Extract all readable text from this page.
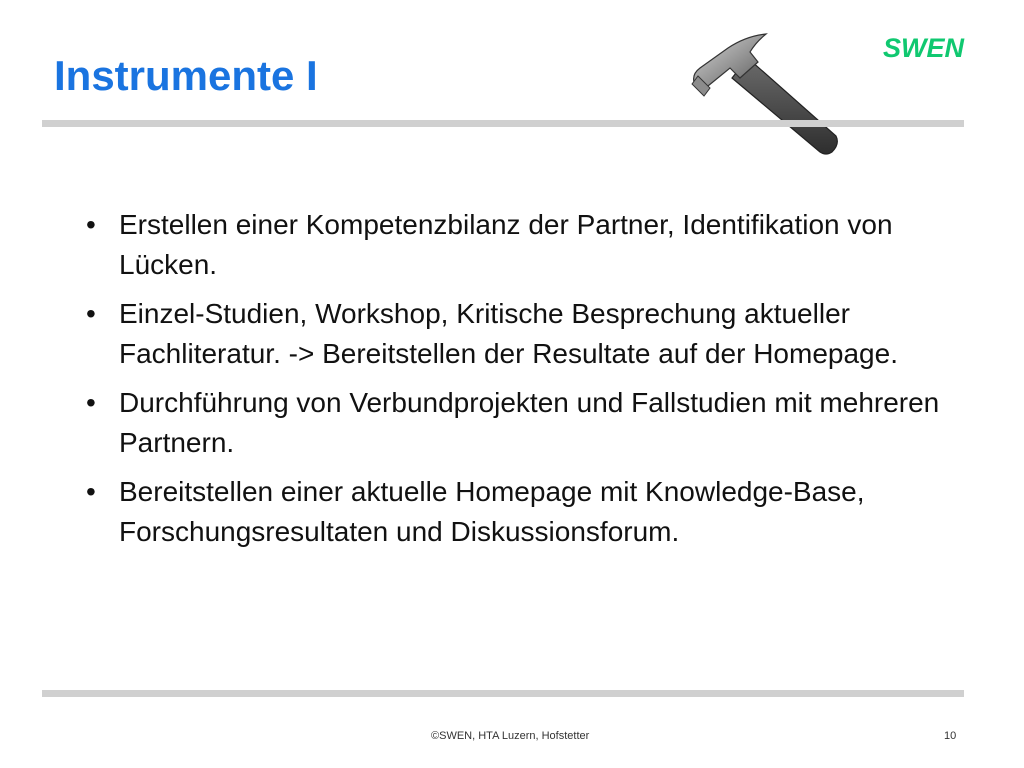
Instrumente I
SWEN
• Erstellen einer Kompetenzbilanz der Partner, Identifikation von Lücken.
• Einzel-Studien, Workshop, Kritische Besprechung aktueller Fachliteratur. -> Bereitstellen der Resultate auf der Homepage.
• Durchführung von Verbundprojekten und Fallstudien mit mehreren Partnern.
• Bereitstellen einer aktuelle Homepage mit Knowledge-Base, Forschungsresultaten und Diskussionsforum.
©SWEN, HTA Luzern, Hofstetter	10
